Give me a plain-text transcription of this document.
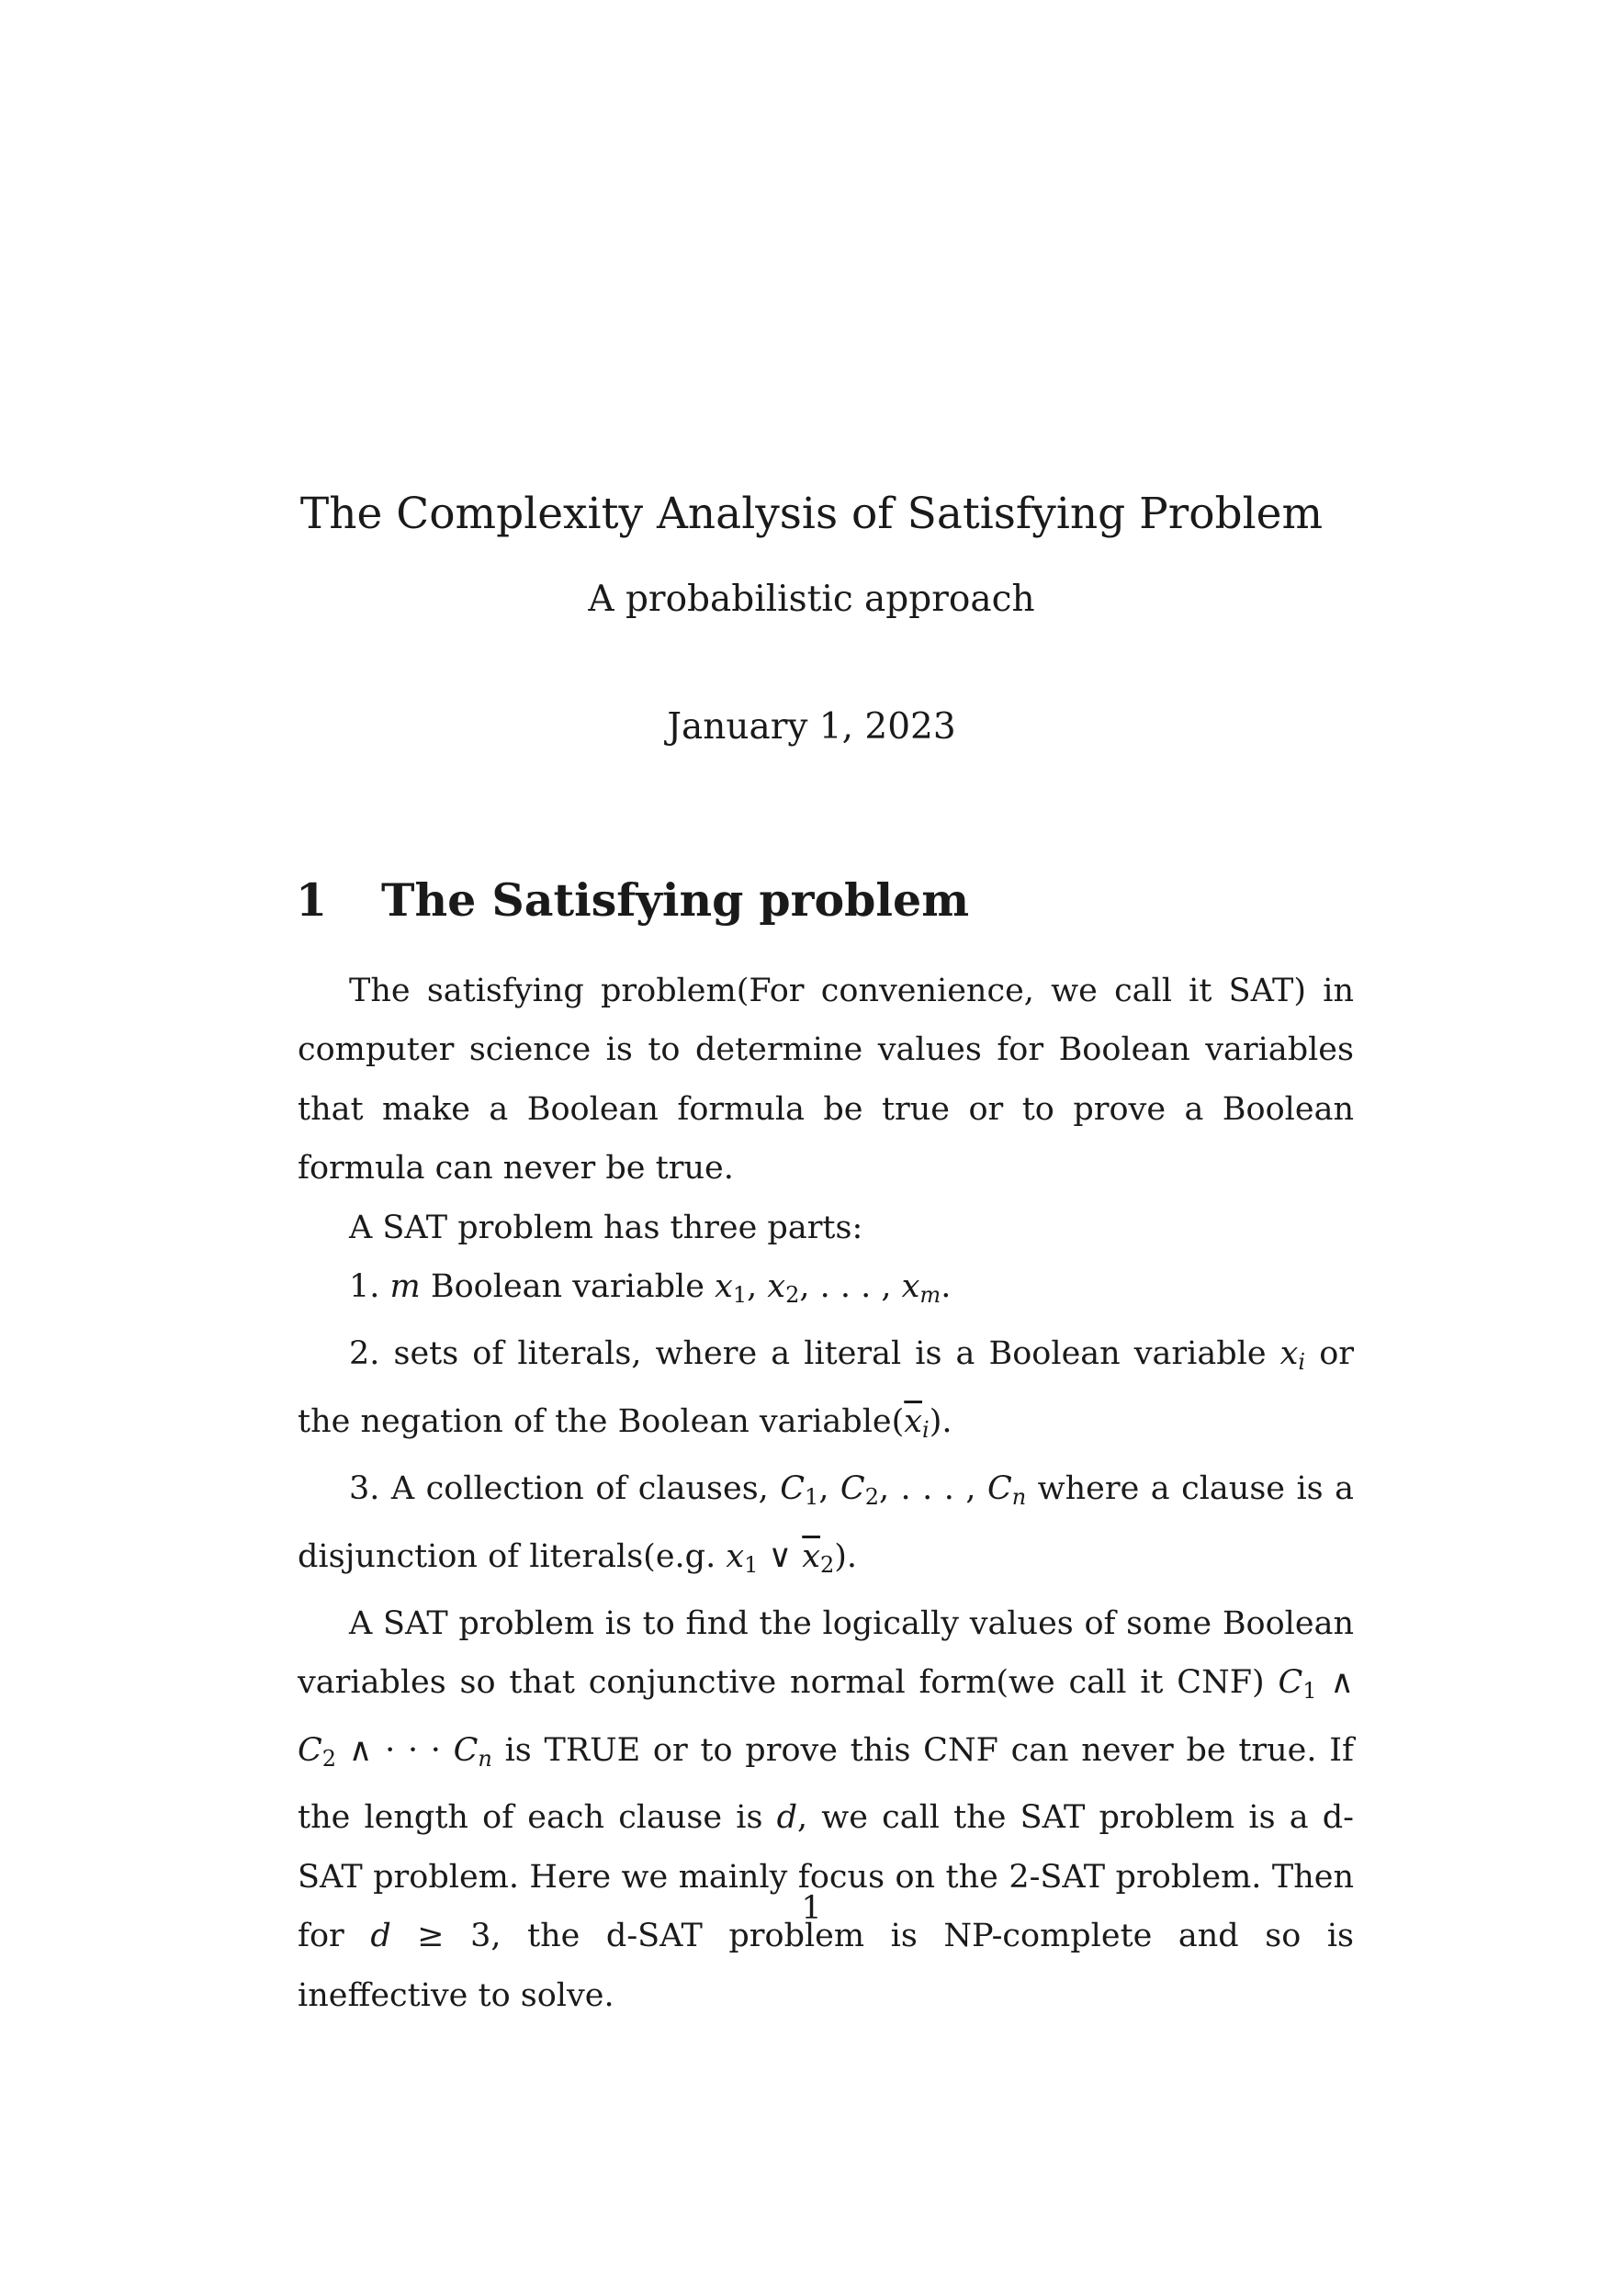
The Complexity Analysis of Satisfying Problem
A probabilistic approach
January 1, 2023
1 The Satisfying problem

The satisfying problem(For convenience, we call it SAT) in computer science is to determine values for Boolean variables that make a Boolean formula be true or to prove a Boolean formula can never be true.

A SAT problem has three parts:

1. m Boolean variable $x_1$, $x_2$, . . . , xm.

2. sets of literals, where a literal is a Boolean variable xi or the negation of the Boolean $variable(\overline{x}i)$.

3. A collection of clauses, $C_1$, $C_2$, . . . , Cn where a clause is a disjunction of literals(e.g. $x_1$ ∨ $\overline{x}_2$).

A SAT problem is to find the logically values of some Boolean variables so that conjunctive normal form(we call it CNF) $C_1$ ∧ $C_2$ ∧ · · · Cn is TRUE or to prove this CNF can never be true. If the length of each clause is d, we call the SAT problem is a d-SAT problem. Here we mainly focus on the 2-SAT problem. Then for d ≥ 3, the d-SAT problem is NP-complete and so is ineffective to solve.

1
